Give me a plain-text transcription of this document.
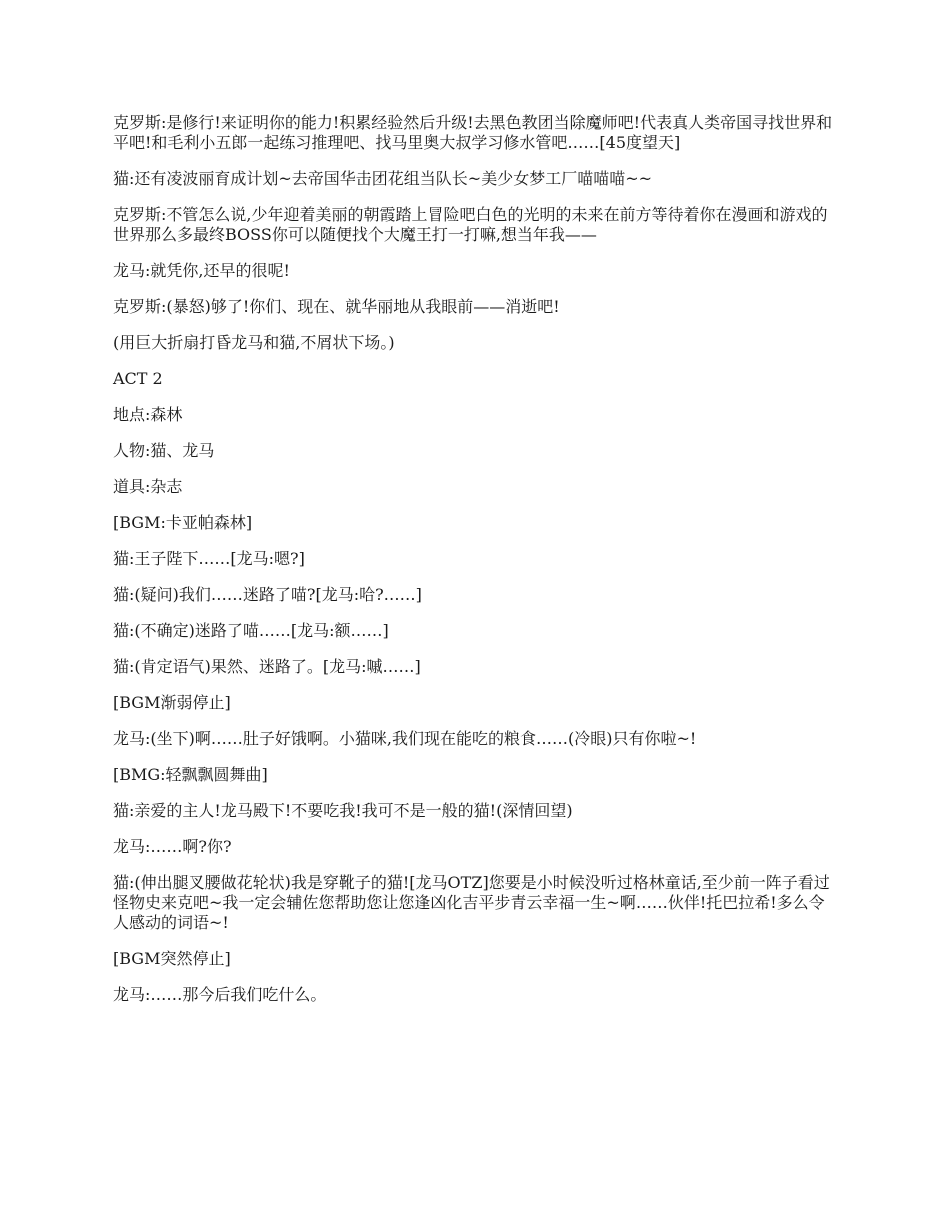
克罗斯:是修行!来证明你的能力!积累经验然后升级!去黑色教团当除魔师吧!代表真人类帝国寻找世界和平吧!和毛利小五郎一起练习推理吧、找马里奥大叔学习修水管吧……[45度望天]

猫:还有凌波丽育成计划~去帝国华击团花组当队长~美少女梦工厂喵喵喵~~

克罗斯:不管怎么说,少年迎着美丽的朝霞踏上冒险吧白色的光明的未来在前方等待着你在漫画和游戏的世界那么多最终BOSS你可以随便找个大魔王打一打嘛,想当年我——

龙马:就凭你,还早的很呢!

克罗斯:(暴怒)够了!你们、现在、就华丽地从我眼前——消逝吧!

(用巨大折扇打昏龙马和猫,不屑状下场。)

ACT 2

地点:森林

人物:猫、龙马

道具:杂志

[BGM:卡亚帕森林]

猫:王子陛下……[龙马:嗯?]

猫:(疑问)我们……迷路了喵?[龙马:哈?……]

猫:(不确定)迷路了喵……[龙马:额……]

猫:(肯定语气)果然、迷路了。[龙马:嘁……]

[BGM渐弱停止]

龙马:(坐下)啊……肚子好饿啊。小猫咪,我们现在能吃的粮食……(冷眼)只有你啦~!

[BMG:轻飘飘圆舞曲]

猫:亲爱的主人!龙马殿下!不要吃我!我可不是一般的猫!(深情回望)

龙马:……啊?你?

猫:(伸出腿叉腰做花轮状)我是穿靴子的猫![龙马OTZ]您要是小时候没听过格林童话,至少前一阵子看过怪物史来克吧~我一定会辅佐您帮助您让您逢凶化吉平步青云幸福一生~啊……伙伴!托巴拉希!多么令人感动的词语~!

[BGM突然停止]

龙马:……那今后我们吃什么。
